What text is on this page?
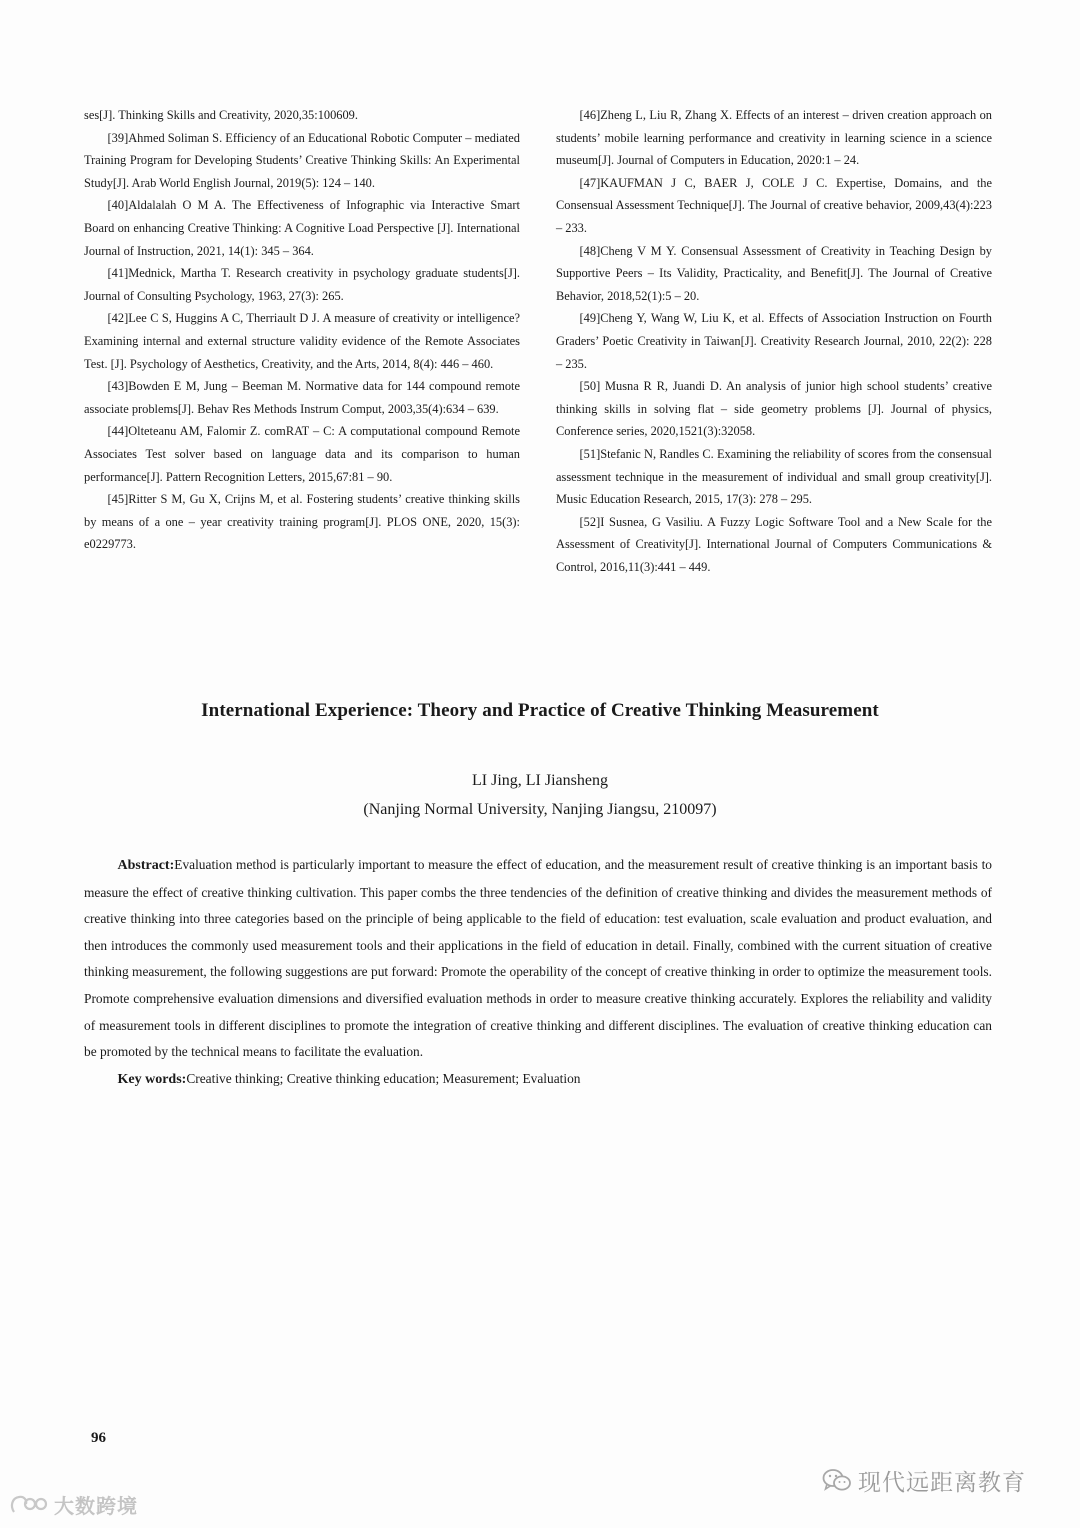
ses[J]. Thinking Skills and Creativity, 2020,35:100609.

[39]Ahmed Soliman S. Efficiency of an Educational Robotic Computer – mediated Training Program for Developing Students’ Creative Thinking Skills: An Experimental Study[J]. Arab World English Journal, 2019(5): 124 – 140.

[40]Aldalalah O M A. The Effectiveness of Infographic via Interactive Smart Board on enhancing Creative Thinking: A Cognitive Load Perspective [J]. International Journal of Instruction, 2021, 14(1): 345 – 364.

[41]Mednick, Martha T. Research creativity in psychology graduate students[J]. Journal of Consulting Psychology, 1963, 27(3): 265.

[42]Lee C S, Huggins A C, Therriault D J. A measure of creativity or intelligence? Examining internal and external structure validity evidence of the Remote Associates Test. [J]. Psychology of Aesthetics, Creativity, and the Arts, 2014, 8(4): 446 – 460.

[43]Bowden E M, Jung – Beeman M. Normative data for 144 compound remote associate problems[J]. Behav Res Methods Instrum Comput, 2003,35(4):634 – 639.

[44]Olteteanu AM, Falomir Z. comRAT – C: A computational compound Remote Associates Test solver based on language data and its comparison to human performance[J]. Pattern Recognition Letters, 2015,67:81 – 90.

[45]Ritter S M, Gu X, Crijns M, et al. Fostering students’ creative thinking skills by means of a one – year creativity training program[J]. PLOS ONE, 2020, 15(3): e0229773.

[46]Zheng L, Liu R, Zhang X. Effects of an interest – driven creation approach on students’ mobile learning performance and creativity in learning science in a science museum[J]. Journal of Computers in Education, 2020:1 – 24.

[47]KAUFMAN J C, BAER J, COLE J C. Expertise, Domains, and the Consensual Assessment Technique[J]. The Journal of creative behavior, 2009,43(4):223 – 233.

[48]Cheng V M Y. Consensual Assessment of Creativity in Teaching Design by Supportive Peers – Its Validity, Practicality, and Benefit[J]. The Journal of Creative Behavior, 2018,52(1):5 – 20.

[49]Cheng Y, Wang W, Liu K, et al. Effects of Association Instruction on Fourth Graders’ Poetic Creativity in Taiwan[J]. Creativity Research Journal, 2010, 22(2): 228 – 235.

[50] Musna R R, Juandi D. An analysis of junior high school students’ creative thinking skills in solving flat – side geometry problems [J]. Journal of physics, Conference series, 2020,1521(3):32058.

[51]Stefanic N, Randles C. Examining the reliability of scores from the consensual assessment technique in the measurement of individual and small group creativity[J]. Music Education Research, 2015, 17(3): 278 – 295.

[52]I Susnea, G Vasiliu. A Fuzzy Logic Software Tool and a New Scale for the Assessment of Creativity[J]. International Journal of Computers Communications & Control, 2016,11(3):441 – 449.

International Experience: Theory and Practice of Creative Thinking Measurement
LI Jing, LI Jiansheng
(Nanjing Normal University, Nanjing Jiangsu, 210097)

Abstract:Evaluation method is particularly important to measure the effect of education, and the measurement result of creative thinking is an important basis to measure the effect of creative thinking cultivation. This paper combs the three tendencies of the definition of creative thinking and divides the measurement methods of creative thinking into three categories based on the principle of being applicable to the field of education: test evaluation, scale evaluation and product evaluation, and then introduces the commonly used measurement tools and their applications in the field of education in detail. Finally, combined with the current situation of creative thinking measurement, the following suggestions are put forward: Promote the operability of the concept of creative thinking in order to optimize the measurement tools. Promote comprehensive evaluation dimensions and diversified evaluation methods in order to measure creative thinking accurately. Explores the reliability and validity of measurement tools in different disciplines to promote the integration of creative thinking and different disciplines. The evaluation of creative thinking education can be promoted by the technical means to facilitate the evaluation.

Key words:Creative thinking; Creative thinking education; Measurement; Evaluation

96
现代远距离教育
大数跨境
